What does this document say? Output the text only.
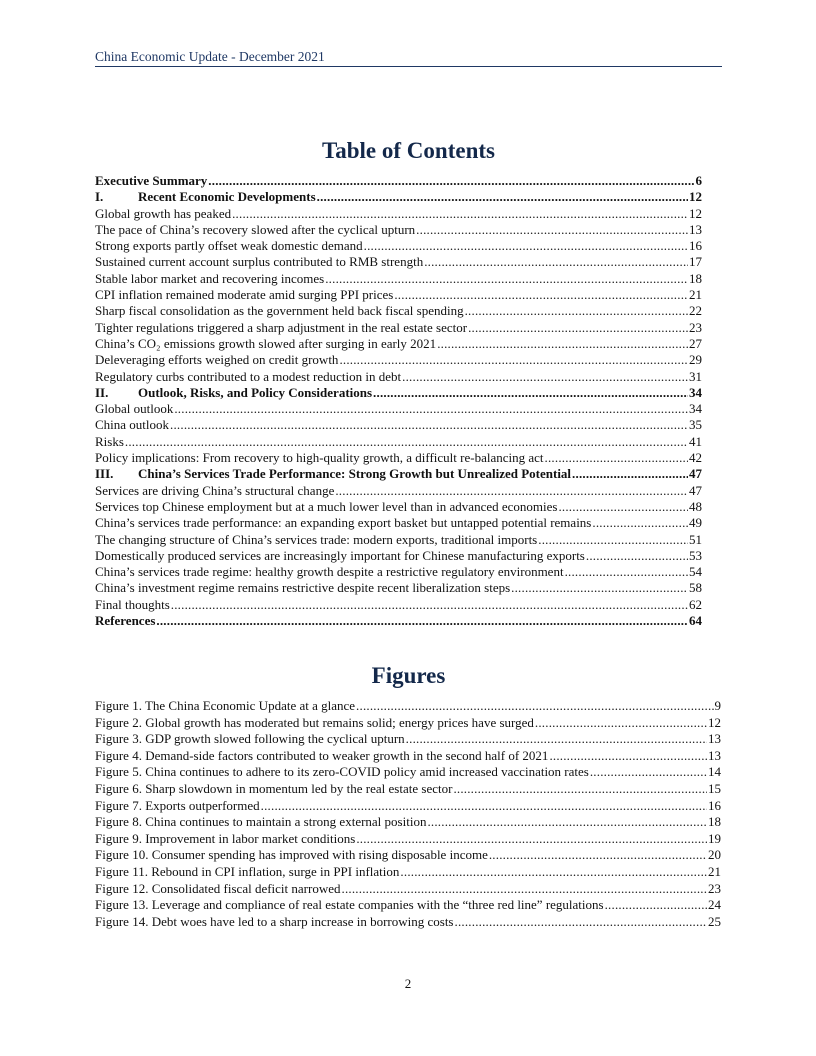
China Economic Update - December 2021
Table of Contents
Executive Summary .....	6
I.	Recent Economic Developments .....	12
Global growth has peaked .....	12
The pace of China’s recovery slowed after the cyclical upturn .....	13
Strong exports partly offset weak domestic demand .....	16
Sustained current account surplus contributed to RMB strength .....	17
Stable labor market and recovering incomes .....	18
CPI inflation remained moderate amid surging PPI prices .....	21
Sharp fiscal consolidation as the government held back fiscal spending .....	22
Tighter regulations triggered a sharp adjustment in the real estate sector .....	23
China’s CO₂ emissions growth slowed after surging in early 2021 .....	27
Deleveraging efforts weighed on credit growth .....	29
Regulatory curbs contributed to a modest reduction in debt .....	31
II.	Outlook, Risks, and Policy Considerations .....	34
Global outlook .....	34
China outlook .....	35
Risks .....	41
Policy implications: From recovery to high-quality growth, a difficult re-balancing act .....	42
III.	China’s Services Trade Performance: Strong Growth but Unrealized Potential .....	47
Services are driving China’s structural change .....	47
Services top Chinese employment but at a much lower level than in advanced economies .....	48
China’s services trade performance: an expanding export basket but untapped potential remains .....	49
The changing structure of China’s services trade: modern exports, traditional imports .....	51
Domestically produced services are increasingly important for Chinese manufacturing exports .....	53
China’s services trade regime: healthy growth despite a restrictive regulatory environment .....	54
China’s investment regime remains restrictive despite recent liberalization steps .....	58
Final thoughts .....	62
References .....	64
Figures
Figure 1. The China Economic Update at a glance .....	9
Figure 2. Global growth has moderated but remains solid; energy prices have surged .....	12
Figure 3. GDP growth slowed following the cyclical upturn .....	13
Figure 4. Demand-side factors contributed to weaker growth in the second half of 2021 .....	13
Figure 5. China continues to adhere to its zero-COVID policy amid increased vaccination rates .....	14
Figure 6. Sharp slowdown in momentum led by the real estate sector .....	15
Figure 7. Exports outperformed .....	16
Figure 8. China continues to maintain a strong external position .....	18
Figure 9. Improvement in labor market conditions .....	19
Figure 10. Consumer spending has improved with rising disposable income .....	20
Figure 11. Rebound in CPI inflation, surge in PPI inflation .....	21
Figure 12. Consolidated fiscal deficit narrowed .....	23
Figure 13. Leverage and compliance of real estate companies with the “three red line” regulations .....	24
Figure 14. Debt woes have led to a sharp increase in borrowing costs .....	25
2
